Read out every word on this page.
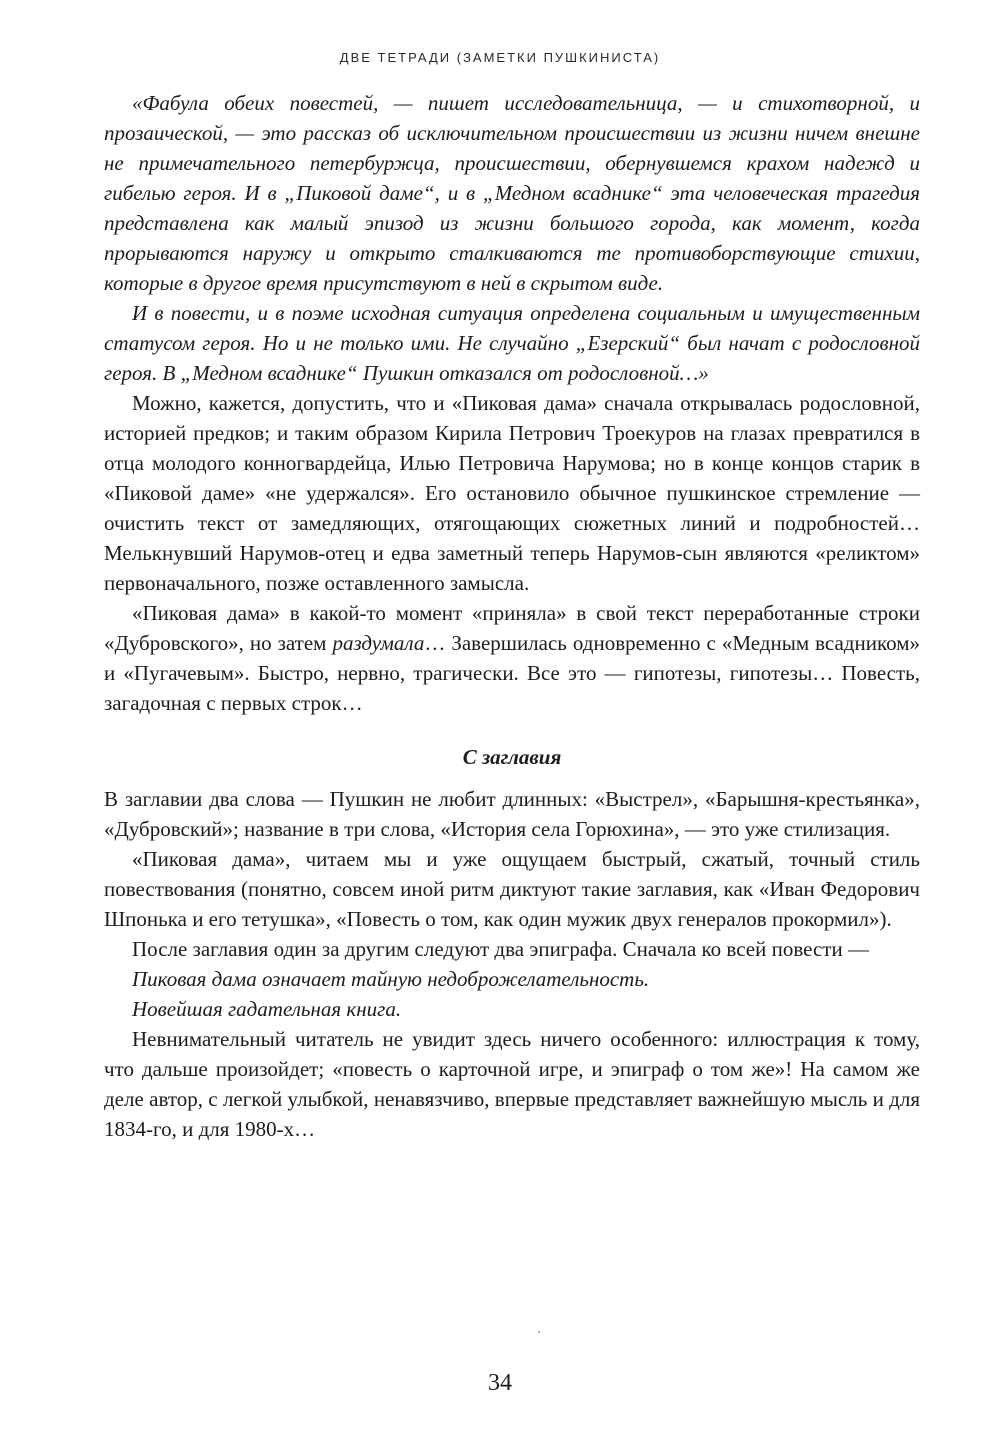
ДВЕ ТЕТРАДИ (ЗАМЕТКИ ПУШКИНИСТА)

«Фабула обеих повестей, — пишет исследовательница, — и стихотворной, и прозаической, — это рассказ об исключительном происшествии из жизни ничем внешне не примечательного петербуржца, происшествии, обернувшемся крахом надежд и гибелью героя. И в „Пиковой даме“, и в „Медном всаднике“ эта человеческая трагедия представлена как малый эпизод из жизни большого города, как момент, когда прорываются наружу и открыто сталкиваются те противоборствующие стихии, которые в другое время присутствуют в ней в скрытом виде.

И в повести, и в поэме исходная ситуация определена социальным и имущественным статусом героя. Но и не только ими. Не случайно „Езерский“ был начат с родословной героя. В „Медном всаднике“ Пушкин отказался от родословной…»

Можно, кажется, допустить, что и «Пиковая дама» сначала открывалась родословной, историей предков; и таким образом Кирила Петрович Троекуров на глазах превратился в отца молодого конногвардейца, Илью Петровича Нарумова; но в конце концов старик в «Пиковой даме» «не удержался». Его остановило обычное пушкинское стремление — очистить текст от замедляющих, отягощающих сюжетных линий и подробностей… Мелькнувший Нарумов-отец и едва заметный теперь Нарумов-сын являются «реликтом» первоначального, позже оставленного замысла.

«Пиковая дама» в какой-то момент «приняла» в свой текст переработанные строки «Дубровского», но затем раздумала… Завершилась одновременно с «Медным всадником» и «Пугачевым». Быстро, нервно, трагически. Все это — гипотезы, гипотезы… Повесть, загадочная с первых строк…

С заглавия

В заглавии два слова — Пушкин не любит длинных: «Выстрел», «Барышня-крестьянка», «Дубровский»; название в три слова, «История села Горюхина», — это уже стилизация.

«Пиковая дама», читаем мы и уже ощущаем быстрый, сжатый, точный стиль повествования (понятно, совсем иной ритм диктуют такие заглавия, как «Иван Федорович Шпонька и его тетушка», «Повесть о том, как один мужик двух генералов прокормил»).

После заглавия один за другим следуют два эпиграфа. Сначала ко всей повести —

Пиковая дама означает тайную недоброжелательность.

Новейшая гадательная книга.

Невнимательный читатель не увидит здесь ничего особенного: иллюстрация к тому, что дальше произойдет; «повесть о карточной игре, и эпиграф о том же»! На самом же деле автор, с легкой улыбкой, ненавязчиво, впервые представляет важнейшую мысль и для 1834-го, и для 1980-х…

34
